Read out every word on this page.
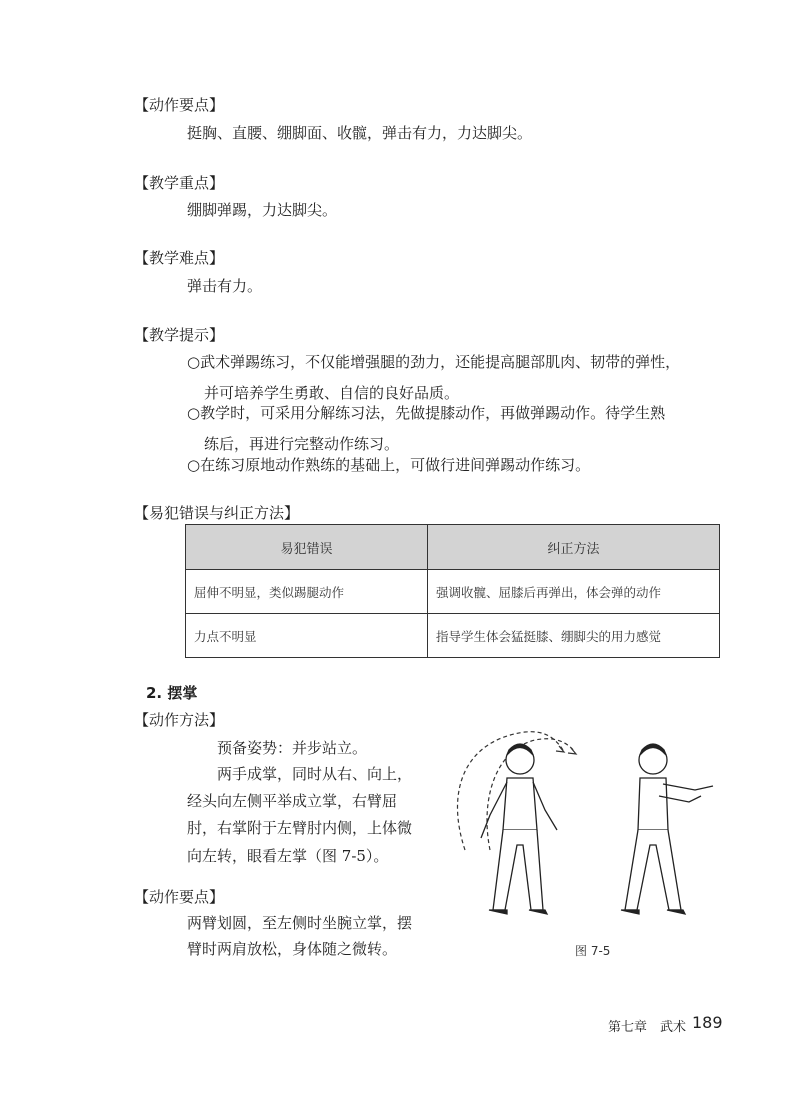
【动作要点】
挺胸、直腰、绷脚面、收髋，弹击有力，力达脚尖。
【教学重点】
绷脚弹踢，力达脚尖。
【教学难点】
弹击有力。
【教学提示】
○武术弹踢练习，不仅能增强腿的劲力，还能提高腿部肌肉、韧带的弹性，
并可培养学生勇敢、自信的良好品质。
○教学时，可采用分解练习法，先做提膝动作，再做弹踢动作。待学生熟
练后，再进行完整动作练习。
○在练习原地动作熟练的基础上，可做行进间弹踢动作练习。
【易犯错误与纠正方法】
易犯错误	纠正方法
屈伸不明显，类似踢腿动作	强调收髋、屈膝后再弹出，体会弹的动作
力点不明显	指导学生体会猛挺膝、绷脚尖的用力感觉
2. 摆掌
【动作方法】
预备姿势：并步站立。
两手成掌，同时从右、向上，
经头向左侧平举成立掌，右臂屈
肘，右掌附于左臂肘内侧，上体微
向左转，眼看左掌（图 7-5）。
【动作要点】
两臂划圆，至左侧时坐腕立掌，摆
臂时两肩放松，身体随之微转。	图 7-5
第七章　武术 189
